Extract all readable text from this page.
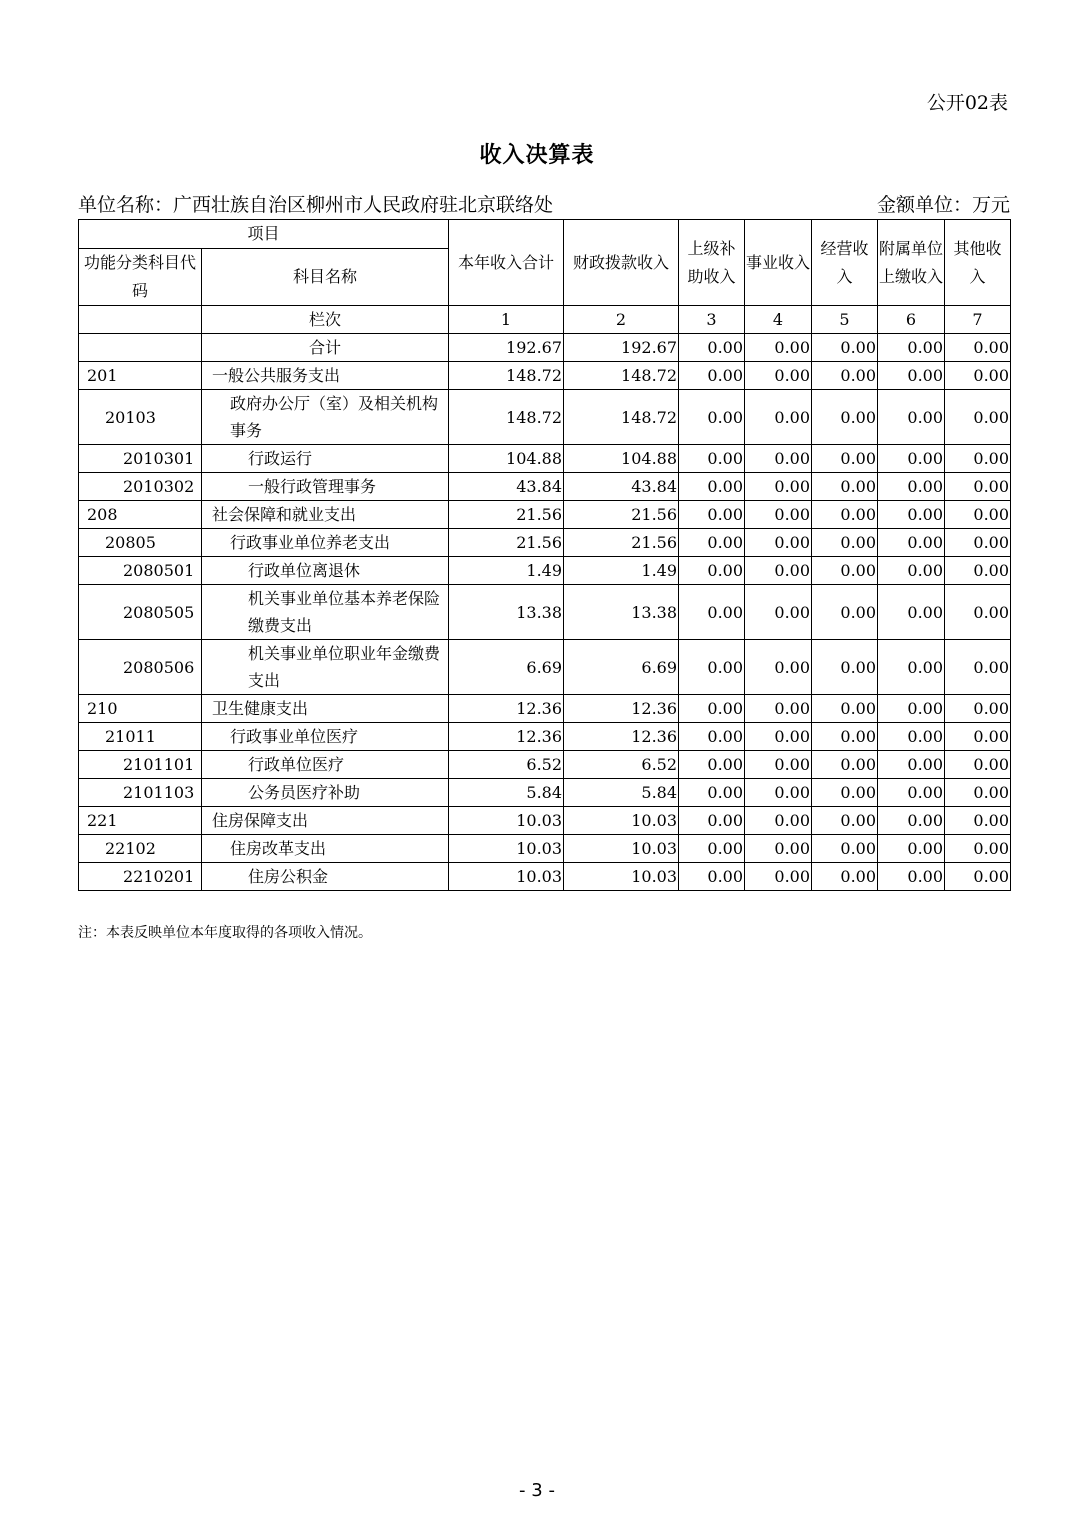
公开02表
收入决算表
单位名称：广西壮族自治区柳州市人民政府驻北京联络处	金额单位：万元
项目		本年收入合计	财政拨款收入	上级补助收入	事业收入	经营收入	附属单位上缴收入	其他收入
功能分类科目代码	科目名称							
	栏次	1	2	3	4	5	6	7
	合计	192.67	192.67	0.00	0.00	0.00	0.00	0.00
201	一般公共服务支出	148.72	148.72	0.00	0.00	0.00	0.00	0.00
20103	政府办公厅（室）及相关机构事务	148.72	148.72	0.00	0.00	0.00	0.00	0.00
2010301	行政运行	104.88	104.88	0.00	0.00	0.00	0.00	0.00
2010302	一般行政管理事务	43.84	43.84	0.00	0.00	0.00	0.00	0.00
208	社会保障和就业支出	21.56	21.56	0.00	0.00	0.00	0.00	0.00
20805	行政事业单位养老支出	21.56	21.56	0.00	0.00	0.00	0.00	0.00
2080501	行政单位离退休	1.49	1.49	0.00	0.00	0.00	0.00	0.00
2080505	机关事业单位基本养老保险缴费支出	13.38	13.38	0.00	0.00	0.00	0.00	0.00
2080506	机关事业单位职业年金缴费支出	6.69	6.69	0.00	0.00	0.00	0.00	0.00
210	卫生健康支出	12.36	12.36	0.00	0.00	0.00	0.00	0.00
21011	行政事业单位医疗	12.36	12.36	0.00	0.00	0.00	0.00	0.00
2101101	行政单位医疗	6.52	6.52	0.00	0.00	0.00	0.00	0.00
2101103	公务员医疗补助	5.84	5.84	0.00	0.00	0.00	0.00	0.00
221	住房保障支出	10.03	10.03	0.00	0.00	0.00	0.00	0.00
22102	住房改革支出	10.03	10.03	0.00	0.00	0.00	0.00	0.00
2210201	住房公积金	10.03	10.03	0.00	0.00	0.00	0.00	0.00
注：本表反映单位本年度取得的各项收入情况。
- 3 -
